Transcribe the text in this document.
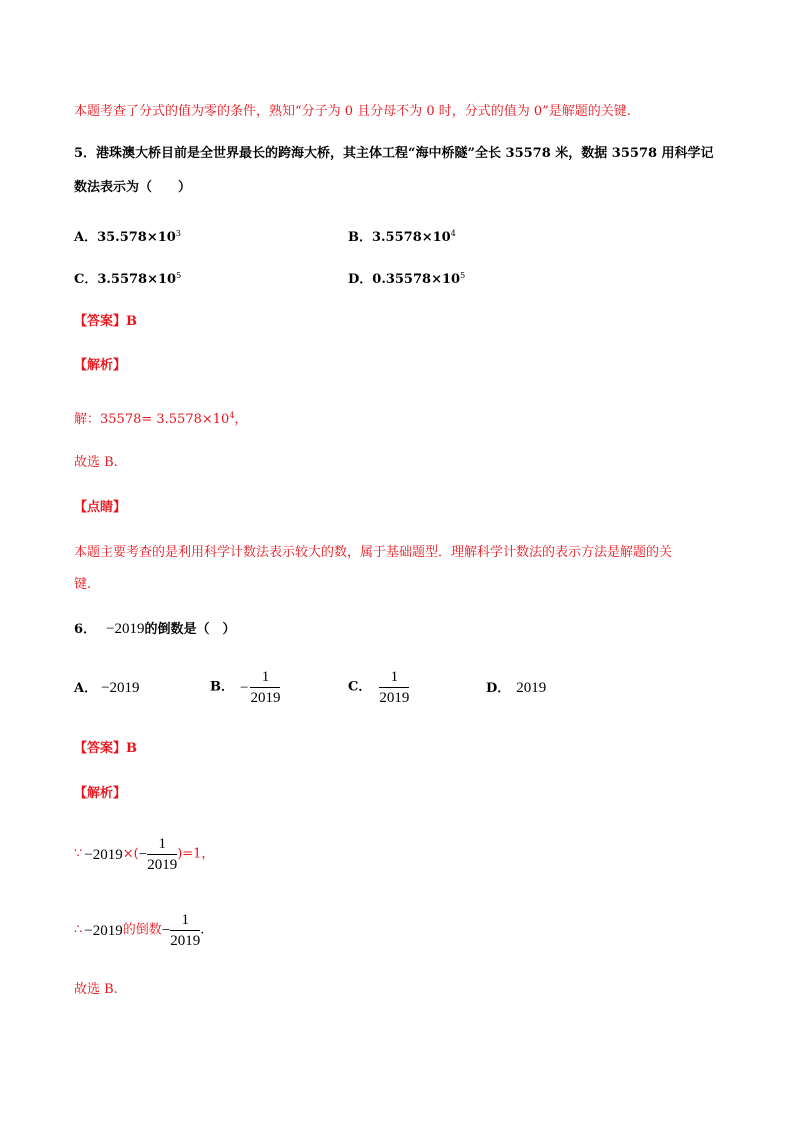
本题考查了分式的值为零的条件，熟知“分子为 0 且分母不为 0 时，分式的值为 0”是解题的关键.
5．港珠澳大桥目前是全世界最长的跨海大桥，其主体工程“海中桥隧”全长 35578 米，数据 35578 用科学记
数法表示为（　　）
A．$35.578\times 10^3$	B．$3.5578\times 10^4$
C．$3.5578\times 10^5$	D．$0.35578\times 10^5$
【答案】B
【解析】
解：$35578= 3.5578\times 10^4$，
故选 B.
【点睛】
本题主要考查的是利用科学计数法表示较大的数，属于基础题型．理解科学计数法的表示方法是解题的关
键.
6． −2019的倒数是（　）
A． −2019	B． − $\frac{1}{2019}$	C． $\frac{1}{2019}$	D． 2019
【答案】B
【解析】
∵ $-2019\times(- \frac{1}{2019} )=1$，
∴ −2019的倒数− $\frac{1}{2019}$ .
故选 B.
